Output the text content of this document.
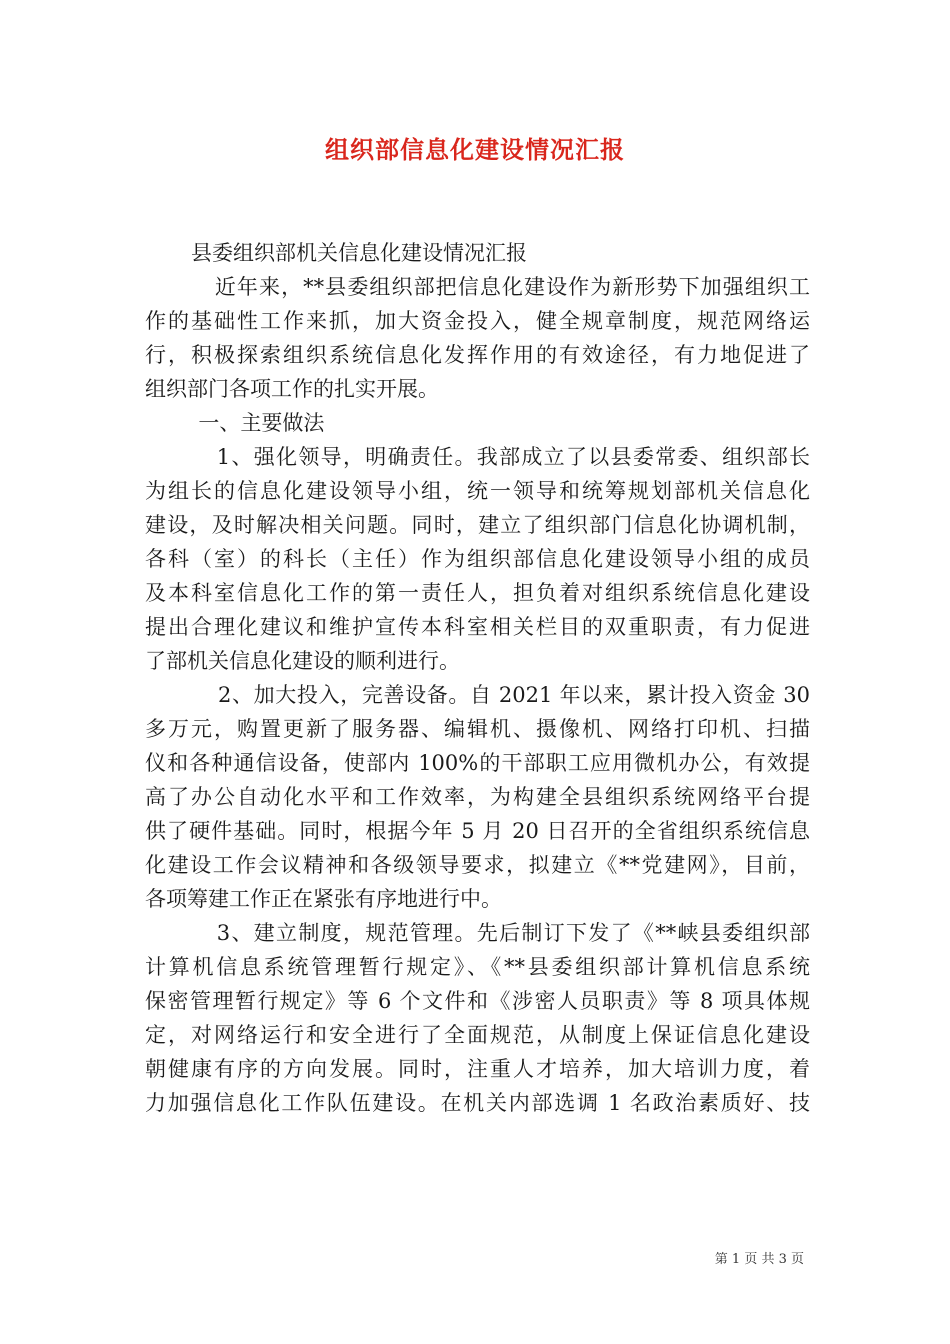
组织部信息化建设情况汇报
县委组织部机关信息化建设情况汇报
近年来，**县委组织部把信息化建设作为新形势下加强组织工
作的基础性工作来抓，加大资金投入，健全规章制度，规范网络运
行，积极探索组织系统信息化发挥作用的有效途径，有力地促进了
组织部门各项工作的扎实开展。
一、主要做法
1、强化领导，明确责任。我部成立了以县委常委、组织部长
为组长的信息化建设领导小组，统一领导和统筹规划部机关信息化
建设，及时解决相关问题。同时，建立了组织部门信息化协调机制，
各科（室）的科长（主任）作为组织部信息化建设领导小组的成员
及本科室信息化工作的第一责任人，担负着对组织系统信息化建设
提出合理化建议和维护宣传本科室相关栏目的双重职责，有力促进
了部机关信息化建设的顺利进行。
2、加大投入，完善设备。自 2021 年以来，累计投入资金 30
多万元，购置更新了服务器、编辑机、摄像机、网络打印机、扫描
仪和各种通信设备，使部内 100%的干部职工应用微机办公，有效提
高了办公自动化水平和工作效率，为构建全县组织系统网络平台提
供了硬件基础。同时，根据今年 5 月 20 日召开的全省组织系统信息
化建设工作会议精神和各级领导要求，拟建立《**党建网》，目前，
各项筹建工作正在紧张有序地进行中。
3、建立制度，规范管理。先后制订下发了《**峡县委组织部
计算机信息系统管理暂行规定》、《**县委组织部计算机信息系统
保密管理暂行规定》等 6 个文件和《涉密人员职责》等 8 项具体规
定，对网络运行和安全进行了全面规范，从制度上保证信息化建设
朝健康有序的方向发展。同时，注重人才培养，加大培训力度，着
力加强信息化工作队伍建设。在机关内部选调 1 名政治素质好、技
第 1 页 共 3 页
